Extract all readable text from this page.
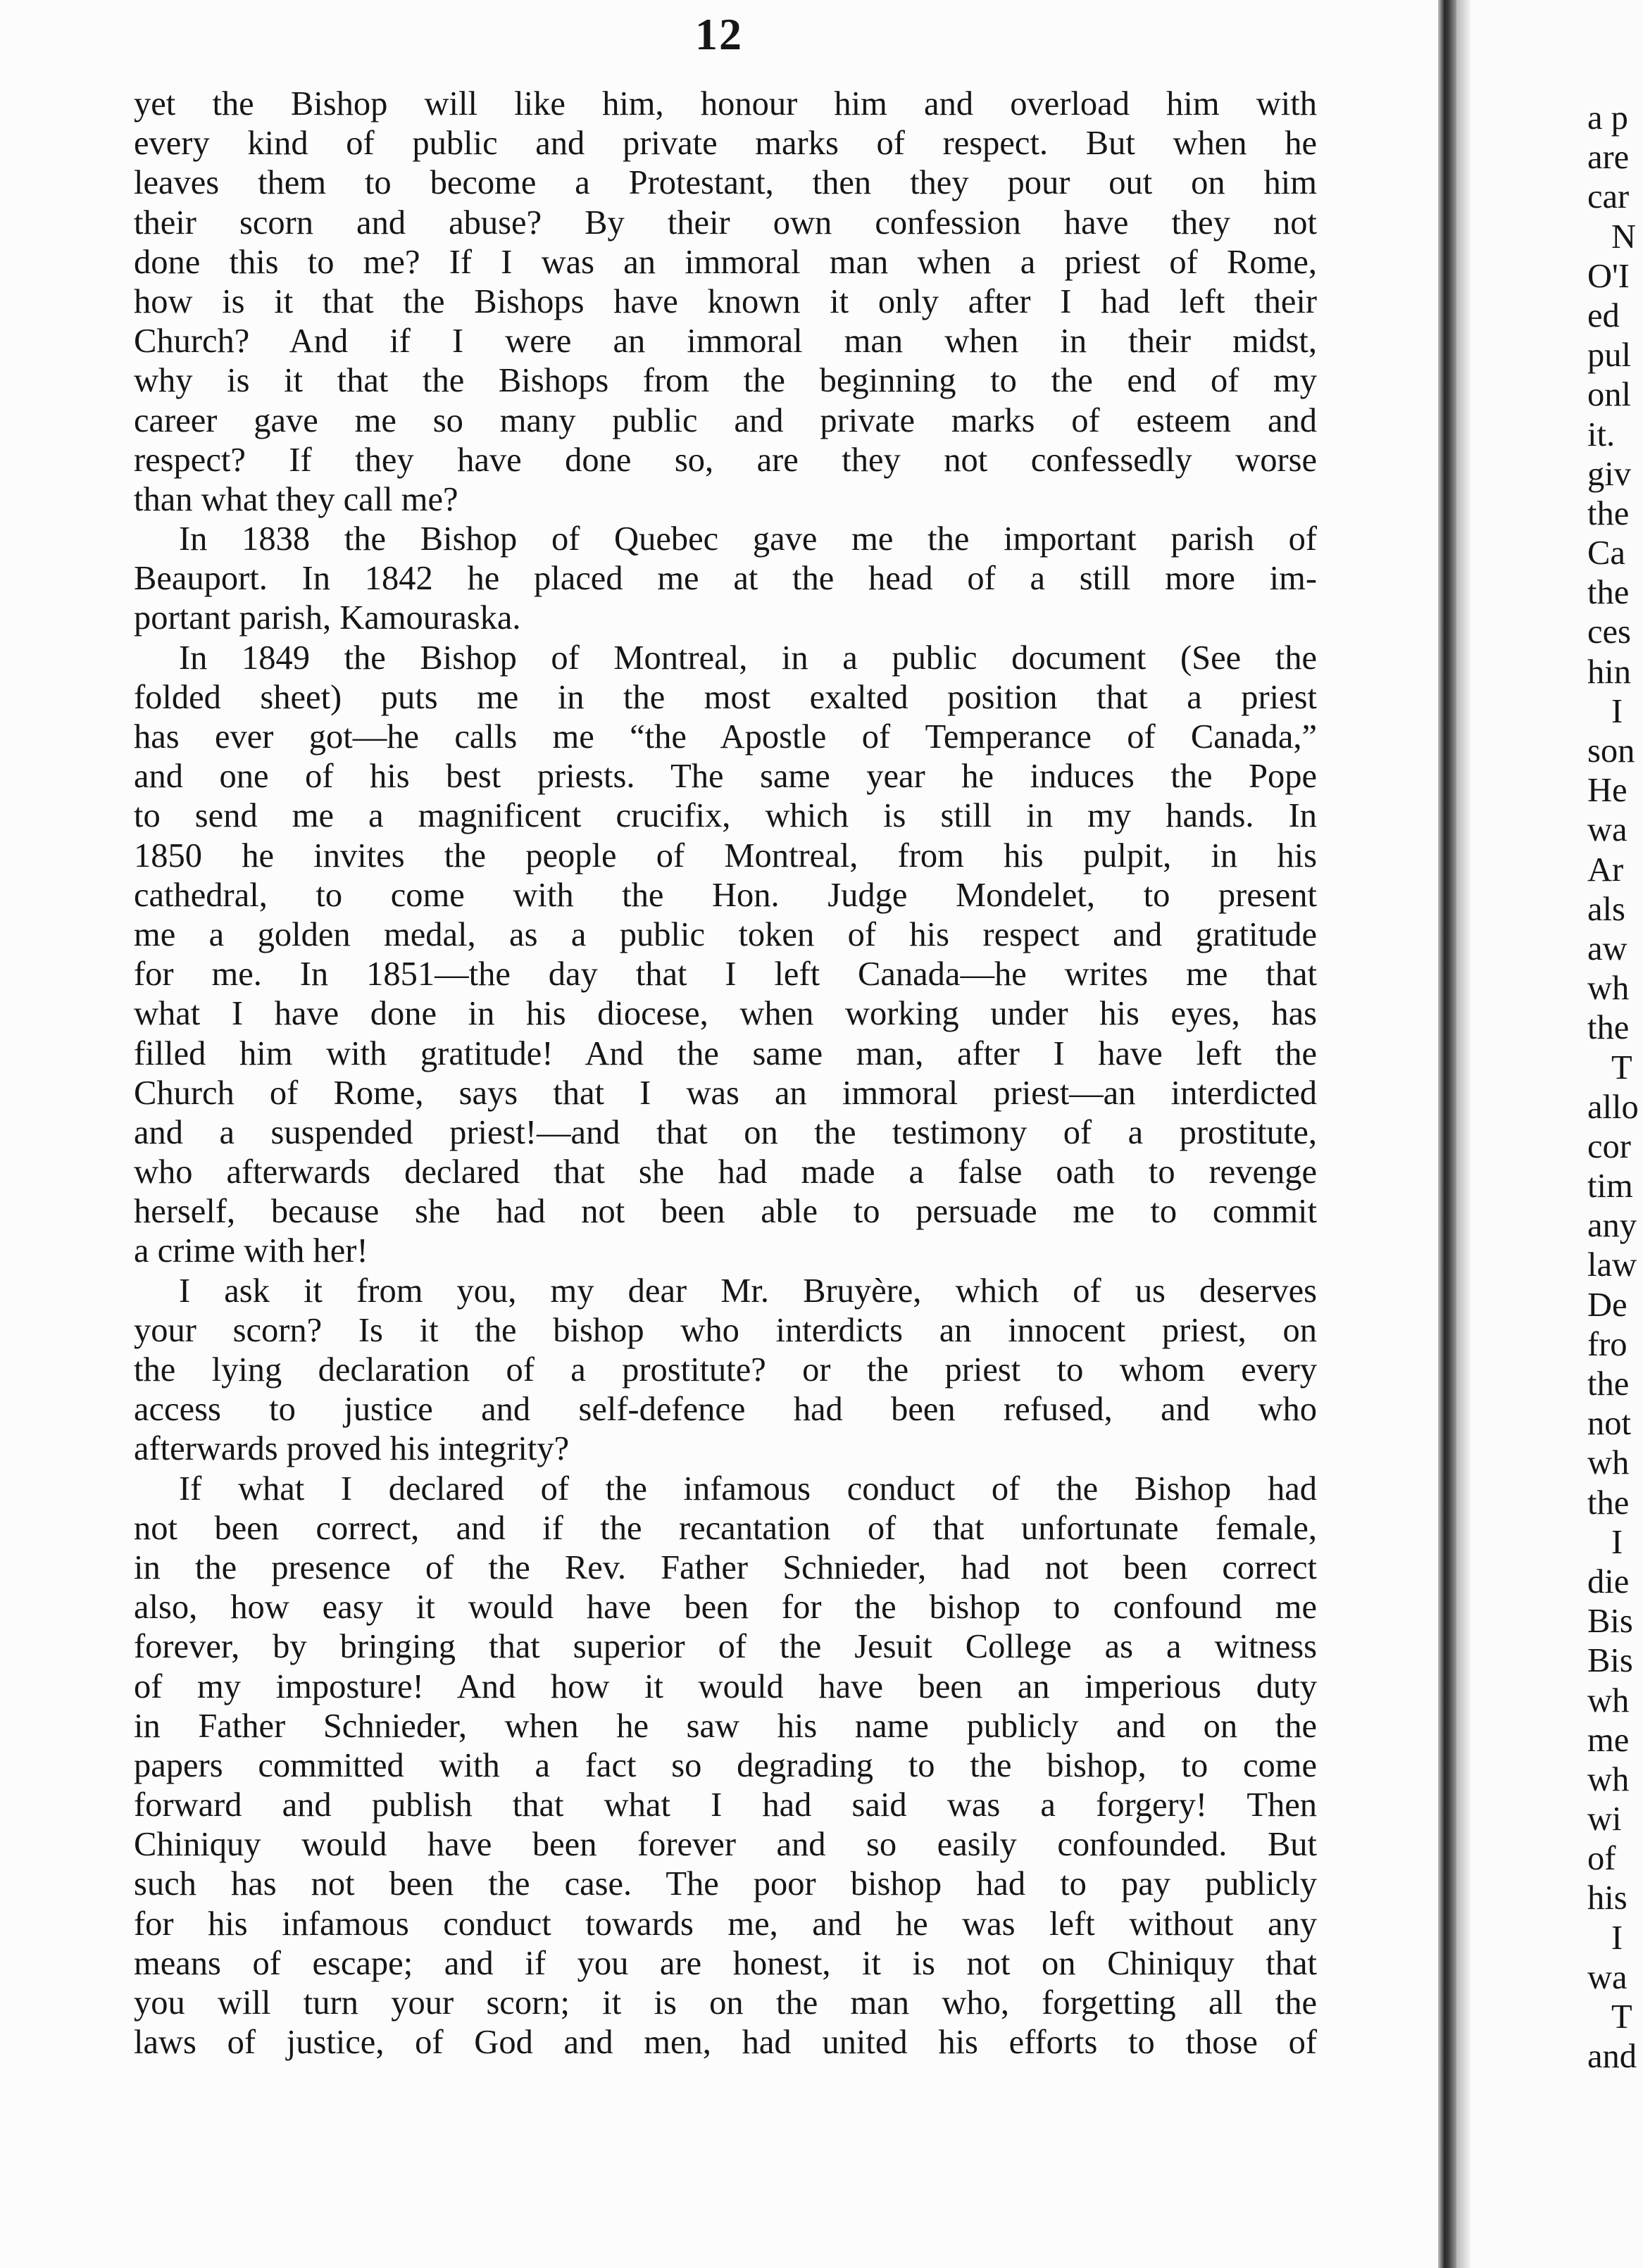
12
yet the Bishop will like him, honour him and overload him with
every kind of public and private marks of respect. But when he
leaves them to become a Protestant, then they pour out on him
their scorn and abuse? By their own confession have they not
done this to me? If I was an immoral man when a priest of Rome,
how is it that the Bishops have known it only after I had left their
Church? And if I were an immoral man when in their midst,
why is it that the Bishops from the beginning to the end of my
career gave me so many public and private marks of esteem and
respect? If they have done so, are they not confessedly worse
than what they call me?
In 1838 the Bishop of Quebec gave me the important parish of
Beauport. In 1842 he placed me at the head of a still more im-
portant parish, Kamouraska.
In 1849 the Bishop of Montreal, in a public document (See the
folded sheet) puts me in the most exalted position that a priest
has ever got—he calls me “the Apostle of Temperance of Canada,”
and one of his best priests. The same year he induces the Pope
to send me a magnificent crucifix, which is still in my hands. In
1850 he invites the people of Montreal, from his pulpit, in his
cathedral, to come with the Hon. Judge Mondelet, to present
me a golden medal, as a public token of his respect and gratitude
for me. In 1851—the day that I left Canada—he writes me that
what I have done in his diocese, when working under his eyes, has
filled him with gratitude! And the same man, after I have left the
Church of Rome, says that I was an immoral priest—an interdicted
and a suspended priest!—and that on the testimony of a prostitute,
who afterwards declared that she had made a false oath to revenge
herself, because she had not been able to persuade me to commit
a crime with her!
I ask it from you, my dear Mr. Bruyère, which of us deserves
your scorn? Is it the bishop who interdicts an innocent priest, on
the lying declaration of a prostitute? or the priest to whom every
access to justice and self-defence had been refused, and who
afterwards proved his integrity?
If what I declared of the infamous conduct of the Bishop had
not been correct, and if the recantation of that unfortunate female,
in the presence of the Rev. Father Schnieder, had not been correct
also, how easy it would have been for the bishop to confound me
forever, by bringing that superior of the Jesuit College as a witness
of my imposture! And how it would have been an imperious duty
in Father Schnieder, when he saw his name publicly and on the
papers committed with a fact so degrading to the bishop, to come
forward and publish that what I had said was a forgery! Then
Chiniquy would have been forever and so easily confounded. But
such has not been the case. The poor bishop had to pay publicly
for his infamous conduct towards me, and he was left without any
means of escape; and if you are honest, it is not on Chiniquy that
you will turn your scorn; it is on the man who, forgetting all the
laws of justice, of God and men, had united his efforts to those of
a p
are
car
N
O'I
ed
pul
onl
it.
giv
the
Ca
the
ces
hin
I
son
He
wa
Ar
als
aw
wh
the
T
allo
cor
tim
any
law
De
fro
the
not
wh
the
I
die
Bis
Bis
wh
me
wh
wi
of
his
I
wa
T
and
